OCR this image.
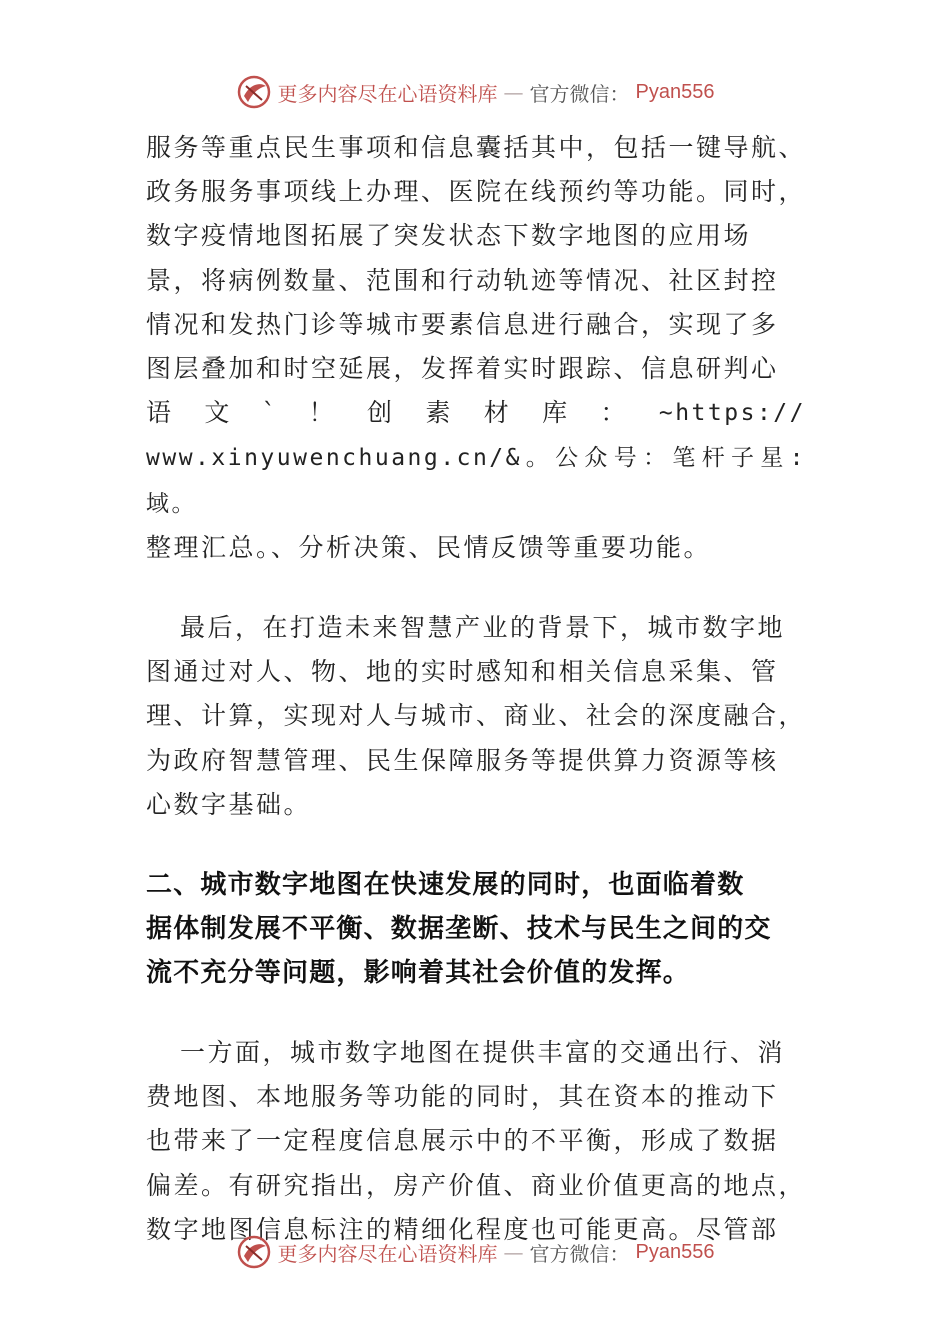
更多内容尽在心语资料库 — 官方微信： Pyan556
服务等重点民生事项和信息囊括其中，包括一键导航、
政务服务事项线上办理、医院在线预约等功能。同时，
数字疫情地图拓展了突发状态下数字地图的应用场
景，将病例数量、范围和行动轨迹等情况、社区封控
情况和发热门诊等城市要素信息进行融合，实现了多
图层叠加和时空延展，发挥着实时跟踪、信息研判心
语 文 ` ！ 创 素 材 库 ： ~https://
www.xinyuwenchuang.cn/&。公众号：笔杆子星:域。
整理汇总。、分析决策、民情反馈等重要功能。
最后，在打造未来智慧产业的背景下，城市数字地
图通过对人、物、地的实时感知和相关信息采集、管
理、计算，实现对人与城市、商业、社会的深度融合，
为政府智慧管理、民生保障服务等提供算力资源等核
心数字基础。
二、城市数字地图在快速发展的同时，也面临着数
据体制发展不平衡、数据垄断、技术与民生之间的交
流不充分等问题，影响着其社会价值的发挥。
一方面，城市数字地图在提供丰富的交通出行、消
费地图、本地服务等功能的同时，其在资本的推动下
也带来了一定程度信息展示中的不平衡，形成了数据
偏差。有研究指出，房产价值、商业价值更高的地点，
数字地图信息标注的精细化程度也可能更高。尽管部
更多内容尽在心语资料库 — 官方微信： Pyan556
